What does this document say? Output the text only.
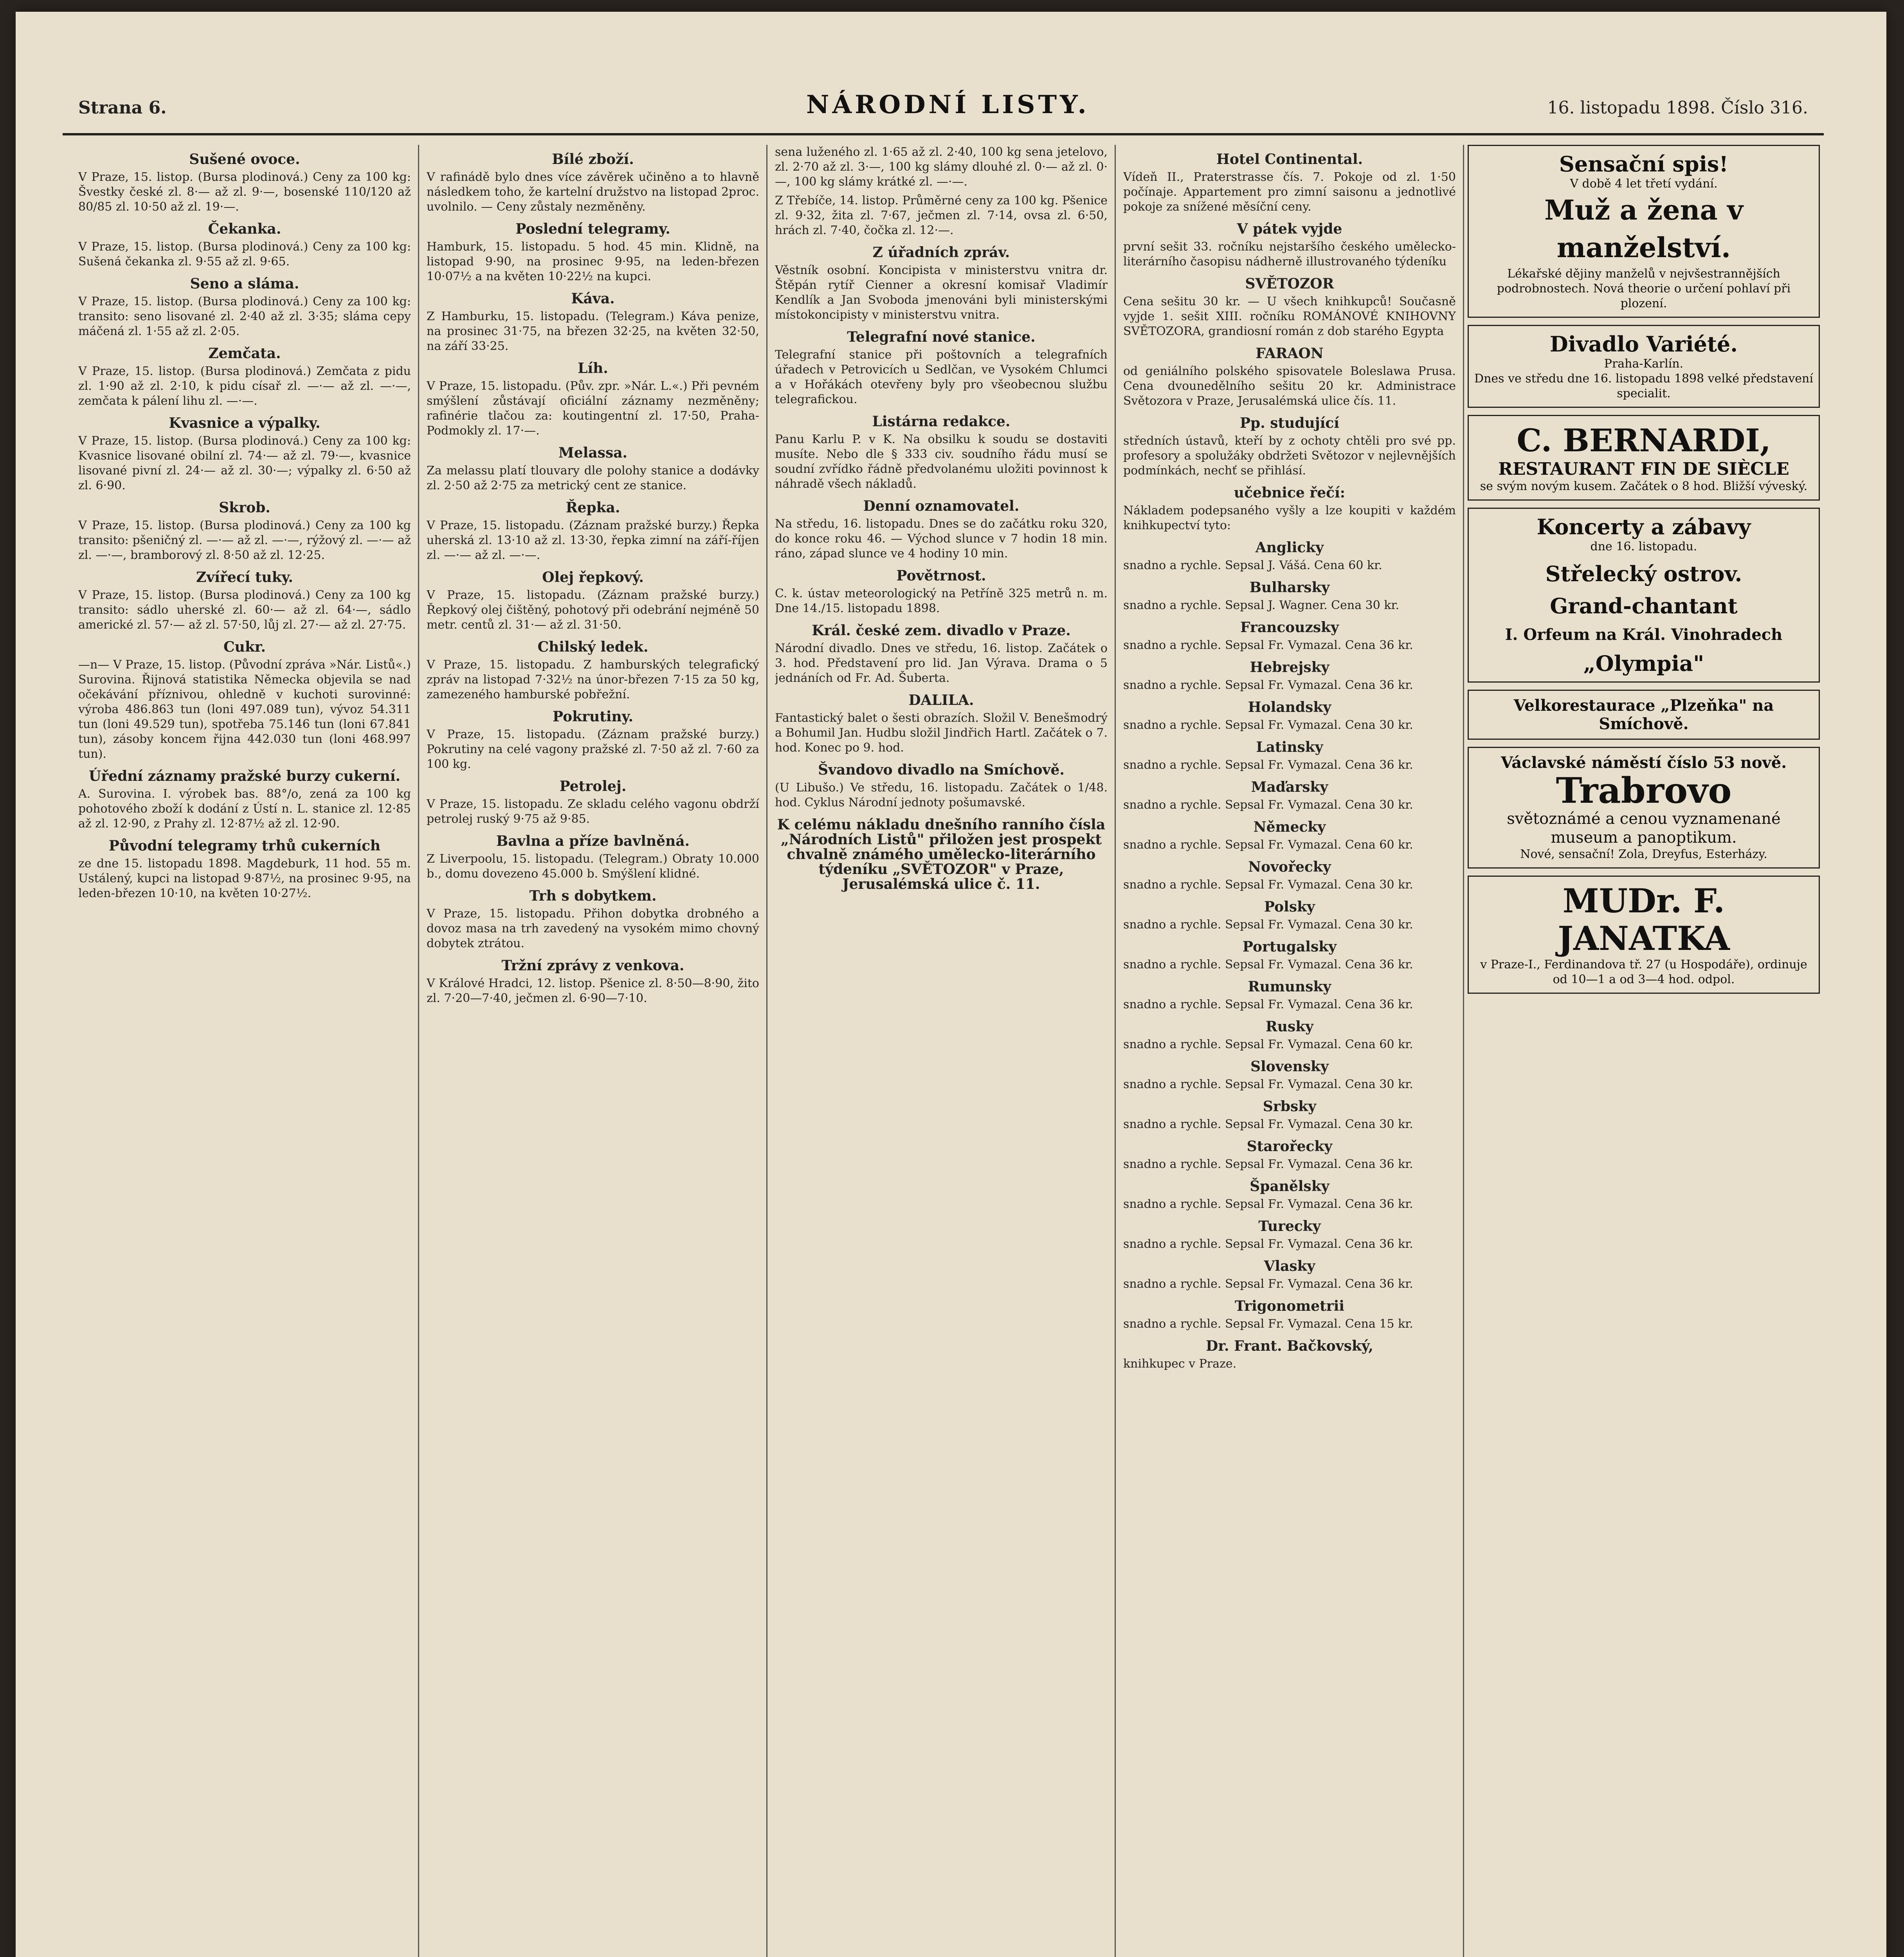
Strana 6.	NÁRODNÍ LISTY.	16. listopadu 1898. Číslo 316.
Sušené ovoce.

V Praze, 15. listop. (Bursa plodinová.) Ceny za 100 kg: Švestky české zl. 8·— až zl. 9·—, bosenské 110/120 až 80/85 zl. 10·50 až zl. 19·—.

Čekanka.

V Praze, 15. listop. (Bursa plodinová.) Ceny za 100 kg: Sušená čekanka zl. 9·55 až zl. 9·65.

Seno a sláma.

V Praze, 15. listop. (Bursa plodinová.) Ceny za 100 kg: transito: seno lisované zl. 2·40 až zl. 3·35; sláma cepy máčená zl. 1·55 až zl. 2·05.

Zemčata.

V Praze, 15. listop. (Bursa plodinová.) Zemčata z pidu zl. 1·90 až zl. 2·10, k pidu císař zl. —·— až zl. —·—, zemčata k pálení lihu zl. —·—.

Kvasnice a výpalky.

V Praze, 15. listop. (Bursa plodinová.) Ceny za 100 kg: Kvasnice lisované obilní zl. 74·— až zl. 79·—, kvasnice lisované pivní zl. 24·— až zl. 30·—; výpalky zl. 6·50 až zl. 6·90.

Skrob.

V Praze, 15. listop. (Bursa plodinová.) Ceny za 100 kg transito: pšeničný zl. —·— až zl. —·—, rýžový zl. —·— až zl. —·—, bramborový zl. 8·50 až zl. 12·25.

Zvířecí tuky.

V Praze, 15. listop. (Bursa plodinová.) Ceny za 100 kg transito: sádlo uherské zl. 60·— až zl. 64·—, sádlo americké zl. 57·— až zl. 57·50, lůj zl. 27·— až zl. 27·75.

Cukr.

—n— V Praze, 15. listop. (Původní zpráva »Nár. Listů«.) Surovina. Řijnová statistika Německa objevila se nad očekávání příznivou, ohledně v kuchoti surovinné: výroba 486.863 tun (loni 497.089 tun), vývoz 54.311 tun (loni 49.529 tun), spotřeba 75.146 tun (loni 67.841 tun), zásoby koncem řijna 442.030 tun (loni 468.997 tun).

Úřední záznamy pražské burzy cukerní.

A. Surovina. I. výrobek bas. 88°/o, zená za 100 kg pohotového zboží k dodání z Ústí n. L. stanice zl. 12·85 až zl. 12·90, z Prahy zl. 12·87½ až zl. 12·90.

Původní telegramy trhů cukerních

ze dne 15. listopadu 1898. Magdeburk, 11 hod. 55 m. Ustálený, kupci na listopad 9·87½, na prosinec 9·95, na leden-březen 10·10, na květen 10·27½.

Bílé zboží.

V rafinádě bylo dnes více závěrek učiněno a to hlavně následkem toho, že kartelní družstvo na listopad 2proc. uvolnilo. — Ceny zůstaly nezměněny.

Poslední telegramy.

Hamburk, 15. listopadu. 5 hod. 45 min. Klidně, na listopad 9·90, na prosinec 9·95, na leden-březen 10·07½ a na květen 10·22½ na kupci.

Káva.

Z Hamburku, 15. listopadu. (Telegram.) Káva penize, na prosinec 31·75, na březen 32·25, na květen 32·50, na září 33·25.

Líh.

V Praze, 15. listopadu. (Pův. zpr. »Nár. L.«.) Při pevném smýšlení zůstávají oficiální záznamy nezměněny; rafinérie tlačou za: koutingentní zl. 17·50, Praha-Podmokly zl. 17·—.

Melassa.

Za melassu platí tlouvary dle polohy stanice a dodávky zl. 2·50 až 2·75 za metrický cent ze stanice.

Řepka.

V Praze, 15. listopadu. (Záznam pražské burzy.) Řepka uherská zl. 13·10 až zl. 13·30, řepka zimní na září-říjen zl. —·— až zl. —·—.

Olej řepkový.

V Praze, 15. listopadu. (Záznam pražské burzy.) Řepkový olej čištěný, pohotový při odebrání nejméně 50 metr. centů zl. 31·— až zl. 31·50.

Chilský ledek.

V Praze, 15. listopadu. Z hamburských telegrafický zpráv na listopad 7·32½ na únor-březen 7·15 za 50 kg, zamezeného hamburské pobřežní.

Pokrutiny.

V Praze, 15. listopadu. (Záznam pražské burzy.) Pokrutiny na celé vagony pražské zl. 7·50 až zl. 7·60 za 100 kg.

Petrolej.

V Praze, 15. listopadu. Ze skladu celého vagonu obdrží petrolej ruský 9·75 až 9·85.

Bavlna a příze bavlněná.

Z Liverpoolu, 15. listopadu. (Telegram.) Obraty 10.000 b., domu dovezeno 45.000 b. Smýšlení klidné.

Trh s dobytkem.

V Praze, 15. listopadu. Přihon dobytka drobného a dovoz masa na trh zavedený na vysokém mimo chovný dobytek ztrátou.

Tržní zprávy z venkova.

V Králové Hradci, 12. listop. Pšenice zl. 8·50—8·90, žito zl. 7·20—7·40, ječmen zl. 6·90—7·10.

sena luženého zl. 1·65 až zl. 2·40, 100 kg sena jetelovo, zl. 2·70 až zl. 3·—, 100 kg slámy dlouhé zl. 0·— až zl. 0·—, 100 kg slámy krátké zl. —·—.

Z Třebíče, 14. listop. Průměrné ceny za 100 kg. Pšenice zl. 9·32, žita zl. 7·67, ječmen zl. 7·14, ovsa zl. 6·50, hrách zl. 7·40, čočka zl. 12·—.

Z úřadních zpráv.

Věstník osobní. Koncipista v ministerstvu vnitra dr. Štěpán rytíř Cienner a okresní komisař Vladimír Kendlík a Jan Svoboda jmenováni byli ministerskými místokoncipisty v ministerstvu vnitra.

Telegrafní nové stanice.

Telegrafní stanice při poštovních a telegrafních úřadech v Petrovicích u Sedlčan, ve Vysokém Chlumci a v Hořákách otevřeny byly pro všeobecnou službu telegrafickou.

Listárna redakce.

Panu Karlu P. v K. Na obsilku k soudu se dostaviti musíte. Nebo dle § 333 civ. soudního řádu musí se soudní zvřídko řádně předvolanému uložiti povinnost k náhradě všech nákladů.

Denní oznamovatel.

Na středu, 16. listopadu. Dnes se do začátku roku 320, do konce roku 46. — Východ slunce v 7 hodin 18 min. ráno, západ slunce ve 4 hodiny 10 min.

Povětrnost.

C. k. ústav meteorologický na Petříně 325 metrů n. m. Dne 14./15. listopadu 1898.

Král. české zem. divadlo v Praze.

Národní divadlo. Dnes ve středu, 16. listop. Začátek o 3. hod. Představení pro lid. Jan Výrava. Drama o 5 jednáních od Fr. Ad. Šuberta.

DALILA.

Fantastický balet o šesti obrazích. Složil V. Benešmodrý a Bohumil Jan. Hudbu složil Jindřich Hartl. Začátek o 7. hod. Konec po 9. hod.

Švandovo divadlo na Smíchově.

(U Libušo.) Ve středu, 16. listopadu. Začátek o 1/48. hod. Cyklus Národní jednoty pošumavské.

K celému nákladu dnešního ranního čísla „Národních Listů" přiložen jest prospekt chvalně známého umělecko-literárního týdeníku „SVĚTOZOR" v Praze, Jerusalémská ulice č. 11.
Hotel Continental.

Vídeň II., Praterstrasse čís. 7. Pokoje od zl. 1·50 počínaje. Appartement pro zimní saisonu a jednotlivé pokoje za snížené měsíční ceny.

V pátek vyjde

první sešit 33. ročníku nejstaršího českého umělecko-literárního časopisu nádherně illustrovaného týdeníku

SVĚTOZOR

Cena sešitu 30 kr. — U všech knihkupců! Současně vyjde 1. sešit XIII. ročníku ROMÁNOVÉ KNIHOVNY SVĚTOZORA, grandiosní román z dob starého Egypta

FARAON

od geniálního polského spisovatele Boleslawa Prusa. Cena dvounedělního sešitu 20 kr. Administrace Světozora v Praze, Jerusalémská ulice čís. 11.

Pp. studující

středních ústavů, kteří by z ochoty chtěli pro své pp. profesory a spolužáky obdržeti Světozor v nejlevnějších podmínkách, nechť se přihlásí.

učebnice řečí:

Nákladem podepsaného vyšly a lze koupiti v každém knihkupectví tyto:

Anglicky

snadno a rychle. Sepsal J. Vášá. Cena 60 kr.

Bulharsky

snadno a rychle. Sepsal J. Wagner. Cena 30 kr.

Francouzsky

snadno a rychle. Sepsal Fr. Vymazal. Cena 36 kr.

Hebrejsky

snadno a rychle. Sepsal Fr. Vymazal. Cena 36 kr.

Holandsky

snadno a rychle. Sepsal Fr. Vymazal. Cena 30 kr.

Latinsky

snadno a rychle. Sepsal Fr. Vymazal. Cena 36 kr.

Maďarsky

snadno a rychle. Sepsal Fr. Vymazal. Cena 30 kr.

Německy

snadno a rychle. Sepsal Fr. Vymazal. Cena 60 kr.

Novořecky

snadno a rychle. Sepsal Fr. Vymazal. Cena 30 kr.

Polsky

snadno a rychle. Sepsal Fr. Vymazal. Cena 30 kr.

Portugalsky

snadno a rychle. Sepsal Fr. Vymazal. Cena 36 kr.

Rumunsky

snadno a rychle. Sepsal Fr. Vymazal. Cena 36 kr.

Rusky

snadno a rychle. Sepsal Fr. Vymazal. Cena 60 kr.

Slovensky

snadno a rychle. Sepsal Fr. Vymazal. Cena 30 kr.

Srbsky

snadno a rychle. Sepsal Fr. Vymazal. Cena 30 kr.

Starořecky

snadno a rychle. Sepsal Fr. Vymazal. Cena 36 kr.

Španělsky

snadno a rychle. Sepsal Fr. Vymazal. Cena 36 kr.

Turecky

snadno a rychle. Sepsal Fr. Vymazal. Cena 36 kr.

Vlasky

snadno a rychle. Sepsal Fr. Vymazal. Cena 36 kr.

Trigonometrii

snadno a rychle. Sepsal Fr. Vymazal. Cena 15 kr.

Dr. Frant. Bačkovský,

knihkupec v Praze.

Sensační spis!
V době 4 let třetí vydání.
Muž a žena v manželství.
Lékařské dějiny manželů v nejvšestrannějších podrobnostech. Nová theorie o určení pohlaví při plození.
Divadlo Variété.
Praha-Karlín.
Dnes ve středu dne 16. listopadu 1898 velké představení specialit.
C. BERNARDI,
RESTAURANT FIN DE SIÈCLE
se svým novým kusem. Začátek o 8 hod. Bližší výveský.
Koncerty a zábavy
dne 16. listopadu.
Střelecký ostrov.
Grand-chantant
I. Orfeum na Král. Vinohradech
„Olympia"
Velkorestaurace „Plzeňka" na Smíchově.
Václavské náměstí číslo 53 nově.
Trabrovo
světoznámé a cenou vyznamenané museum a panoptikum.
Nové, sensační! Zola, Dreyfus, Esterházy.
MUDr. F. JANATKA
v Praze-I., Ferdinandova tř. 27 (u Hospodáře), ordinuje od 10—1 a od 3—4 hod. odpol.
